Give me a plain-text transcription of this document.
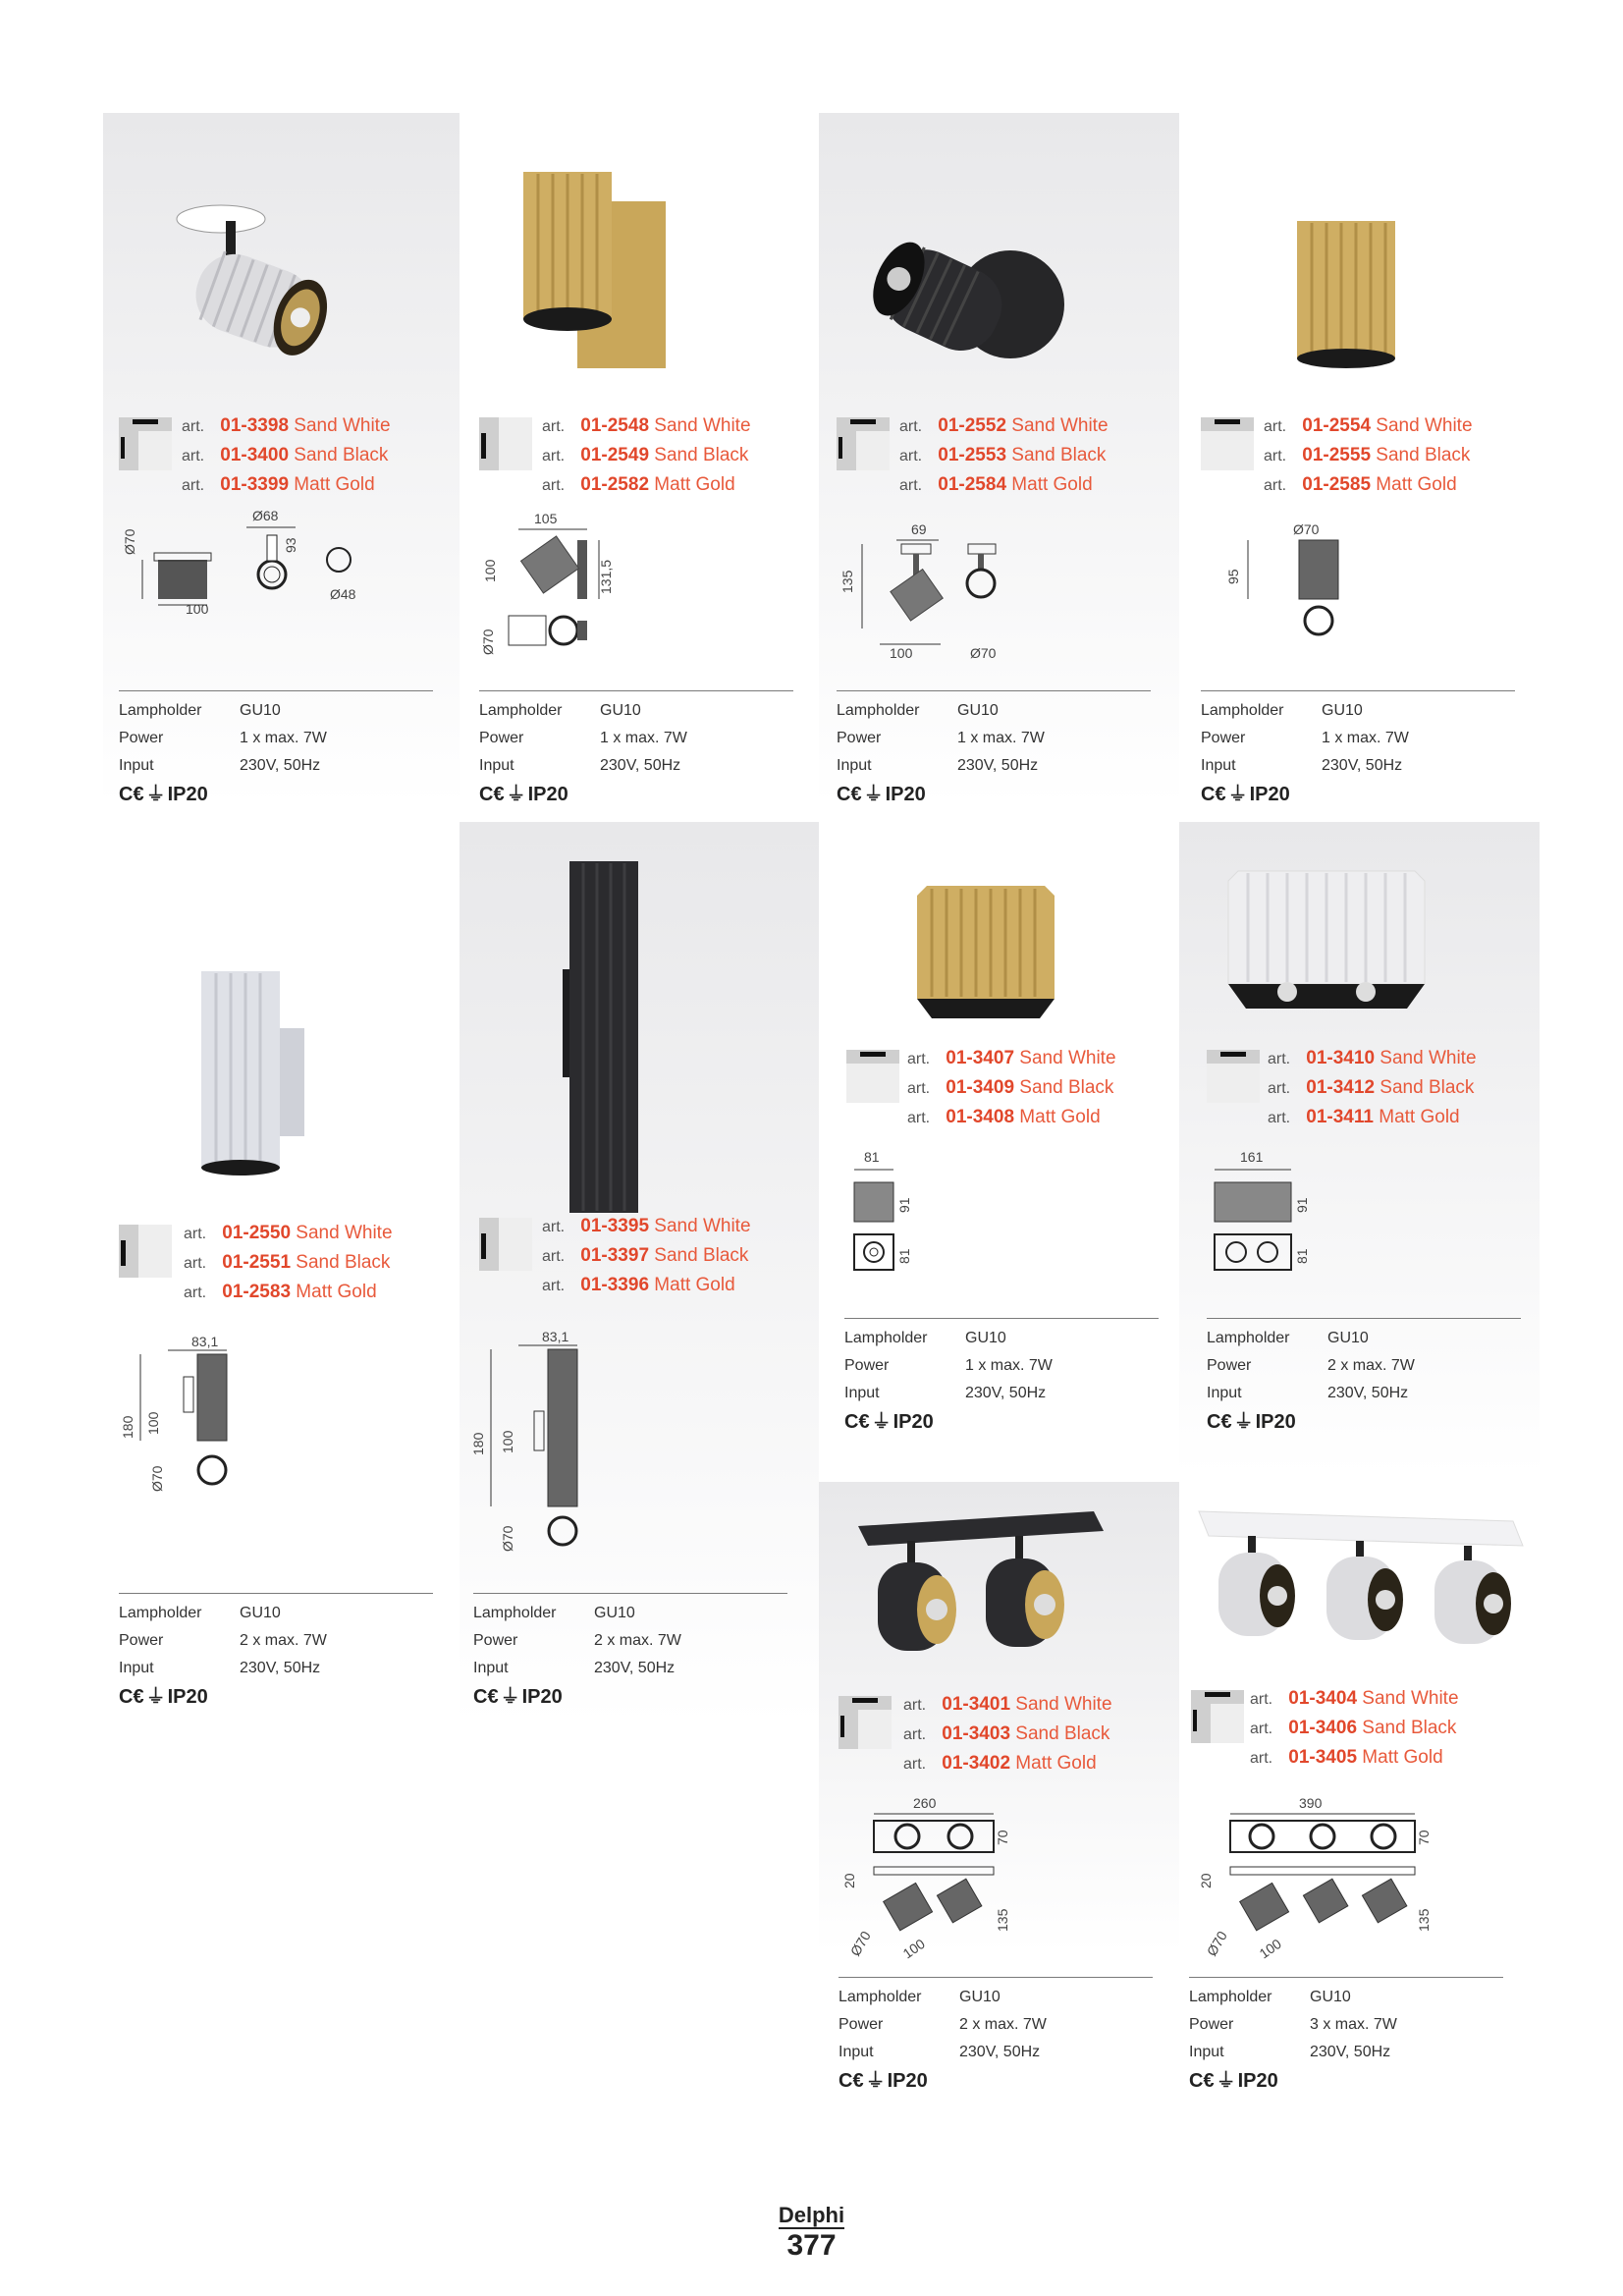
art. 01-3398 Sand White
art. 01-3400 Sand Black
art. 01-3399 Matt Gold
Ø68
Ø70	93
Ø48
100
Lampholder GU10
Power	1 x max. 7W
Input	230V, 50Hz
C€ ⏚ IP20
art. 01-2548 Sand White
art. 01-2549 Sand Black
art. 01-2582 Matt Gold
105
100	131,5
Ø70
Lampholder GU10
Power	1 x max. 7W
Input	230V, 50Hz
C€ ⏚ IP20
art. 01-2552 Sand White
art. 01-2553 Sand Black
art. 01-2584 Matt Gold
69
135
100	Ø70
Lampholder GU10
Power	1 x max. 7W
Input	230V, 50Hz
C€ ⏚ IP20
art. 01-2554 Sand White
art. 01-2555 Sand Black
art. 01-2585 Matt Gold
Ø70
95
Lampholder GU10
Power	1 x max. 7W
Input	230V, 50Hz
C€ ⏚ IP20
art. 01-2550 Sand White
art. 01-2551 Sand Black
art. 01-2583 Matt Gold
83,1
180 100
Ø70
Lampholder GU10
Power	2 x max. 7W
Input	230V, 50Hz
C€ ⏚ IP20
art. 01-3395 Sand White
art. 01-3397 Sand Black
art. 01-3396 Matt Gold
83,1
180 100
Ø70
Lampholder GU10
Power	2 x max. 7W
Input	230V, 50Hz
C€ ⏚ IP20
art. 01-3407 Sand White
art. 01-3409 Sand Black
art. 01-3408 Matt Gold
81
91
81
Lampholder GU10
Power	1 x max. 7W
Input	230V, 50Hz
C€ ⏚ IP20
art. 01-3410 Sand White
art. 01-3412 Sand Black
art. 01-3411 Matt Gold
161
91
81
Lampholder GU10
Power	2 x max. 7W
Input	230V, 50Hz
C€ ⏚ IP20
art. 01-3401 Sand White
art. 01-3403 Sand Black
art. 01-3402 Matt Gold
260
70
20
135
Ø70 100
Lampholder GU10
Power	2 x max. 7W
Input	230V, 50Hz
C€ ⏚ IP20
art. 01-3404 Sand White
art. 01-3406 Sand Black
art. 01-3405 Matt Gold
390
70
20
135
Ø70 100
Lampholder GU10
Power	3 x max. 7W
Input	230V, 50Hz
C€ ⏚ IP20
Delphi
377
